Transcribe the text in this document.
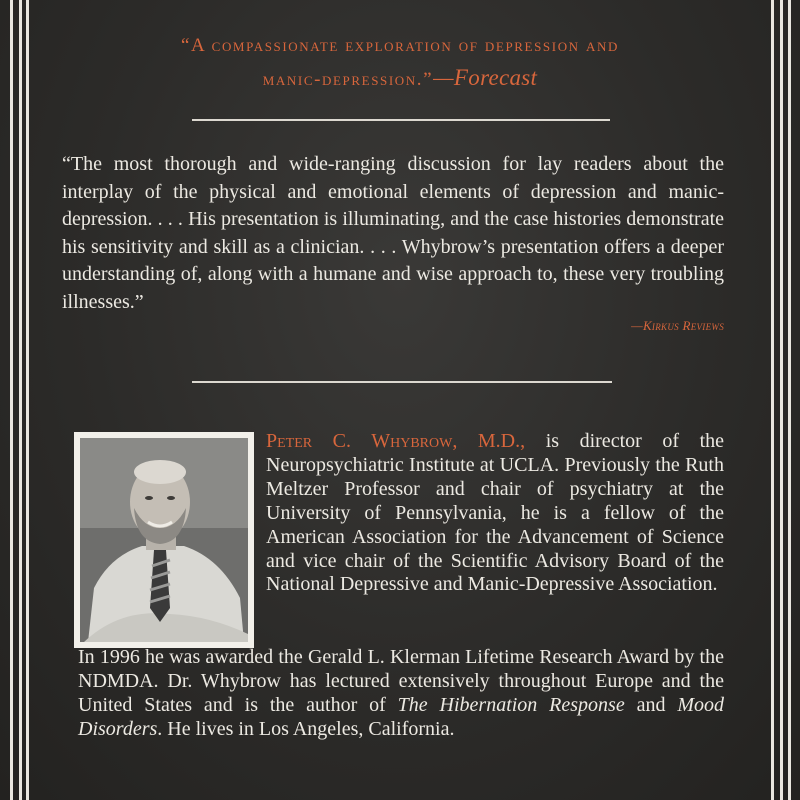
“A compassionate exploration of depression and
manic-depression.”—Forecast
“The most thorough and wide-ranging discussion for lay readers about the interplay of the physical and emotional elements of depression and manic-depression. . . . His presentation is illuminating, and the case histories demonstrate his sensitivity and skill as a clinician. . . . Whybrow’s presentation offers a deeper understanding of, along with a humane and wise approach to, these very troubling illnesses.”
—Kirkus Reviews
Peter C. Whybrow, M.D., is director of the Neuropsychiatric Institute at UCLA. Previously the Ruth Meltzer Professor and chair of psychiatry at the University of Pennsylvania, he is a fellow of the American Association for the Advancement of Science and vice chair of the Scientific Advisory Board of the National Depressive and Manic-Depressive Association.
In 1996 he was awarded the Gerald L. Klerman Lifetime Research Award by the NDMDA. Dr. Whybrow has lectured extensively throughout Europe and the United States and is the author of The Hibernation Response and Mood Disorders. He lives in Los Angeles, California.
